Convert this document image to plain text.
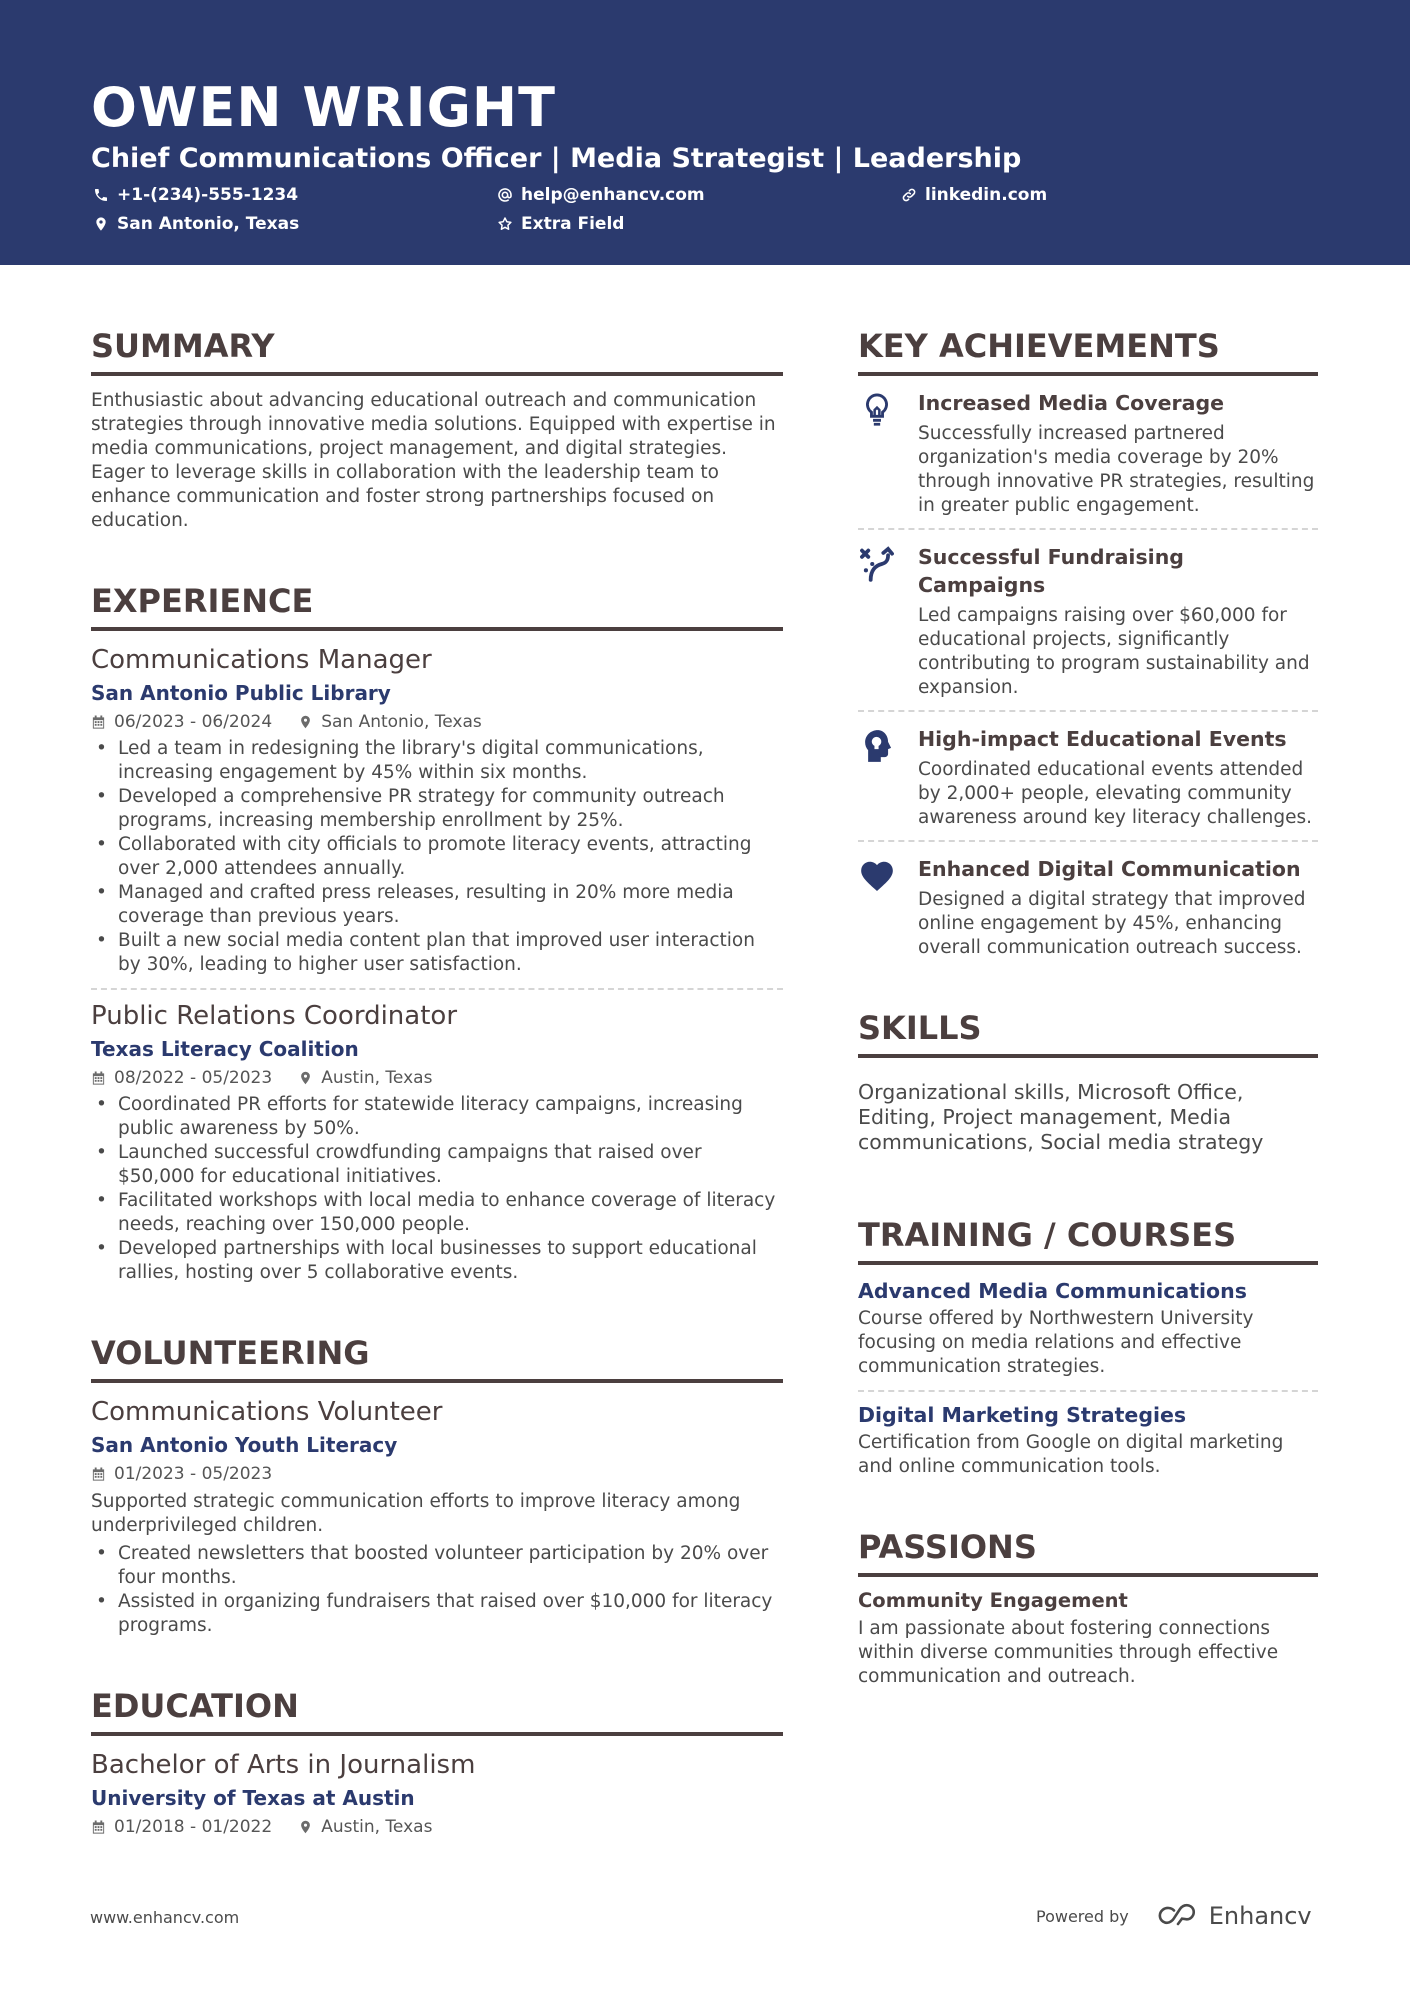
OWEN WRIGHT
Chief Communications Officer | Media Strategist | Leadership
+1-(234)-555-1234	help@enhancv.com	linkedin.com
San Antonio, Texas	Extra Field
SUMMARY
Enthusiastic about advancing educational outreach and communication strategies through innovative media solutions. Equipped with expertise in media communications, project management, and digital strategies. Eager to leverage skills in collaboration with the leadership team to enhance communication and foster strong partnerships focused on education.
EXPERIENCE
Communications Manager
San Antonio Public Library
06/2023 - 06/2024	San Antonio, Texas
• Led a team in redesigning the library's digital communications, increasing engagement by 45% within six months.
• Developed a comprehensive PR strategy for community outreach programs, increasing membership enrollment by 25%.
• Collaborated with city officials to promote literacy events, attracting over 2,000 attendees annually.
• Managed and crafted press releases, resulting in 20% more media coverage than previous years.
• Built a new social media content plan that improved user interaction by 30%, leading to higher user satisfaction.
Public Relations Coordinator
Texas Literacy Coalition
08/2022 - 05/2023	Austin, Texas
• Coordinated PR efforts for statewide literacy campaigns, increasing public awareness by 50%.
• Launched successful crowdfunding campaigns that raised over $50,000 for educational initiatives.
• Facilitated workshops with local media to enhance coverage of literacy needs, reaching over 150,000 people.
• Developed partnerships with local businesses to support educational rallies, hosting over 5 collaborative events.
VOLUNTEERING
Communications Volunteer
San Antonio Youth Literacy
01/2023 - 05/2023
Supported strategic communication efforts to improve literacy among underprivileged children.
• Created newsletters that boosted volunteer participation by 20% over four months.
• Assisted in organizing fundraisers that raised over $10,000 for literacy programs.
EDUCATION
Bachelor of Arts in Journalism
University of Texas at Austin
01/2018 - 01/2022	Austin, Texas
KEY ACHIEVEMENTS
Increased Media Coverage
Successfully increased partnered organization's media coverage by 20% through innovative PR strategies, resulting in greater public engagement.
Successful Fundraising Campaigns
Led campaigns raising over $60,000 for educational projects, significantly contributing to program sustainability and expansion.
High-impact Educational Events
Coordinated educational events attended by 2,000+ people, elevating community awareness around key literacy challenges.
Enhanced Digital Communication
Designed a digital strategy that improved online engagement by 45%, enhancing overall communication outreach success.
SKILLS
Organizational skills, Microsoft Office, Editing, Project management, Media communications, Social media strategy
TRAINING / COURSES
Advanced Media Communications
Course offered by Northwestern University focusing on media relations and effective communication strategies.
Digital Marketing Strategies
Certification from Google on digital marketing and online communication tools.
PASSIONS
Community Engagement
I am passionate about fostering connections within diverse communities through effective communication and outreach.
www.enhancv.com	Powered by	Enhancv
